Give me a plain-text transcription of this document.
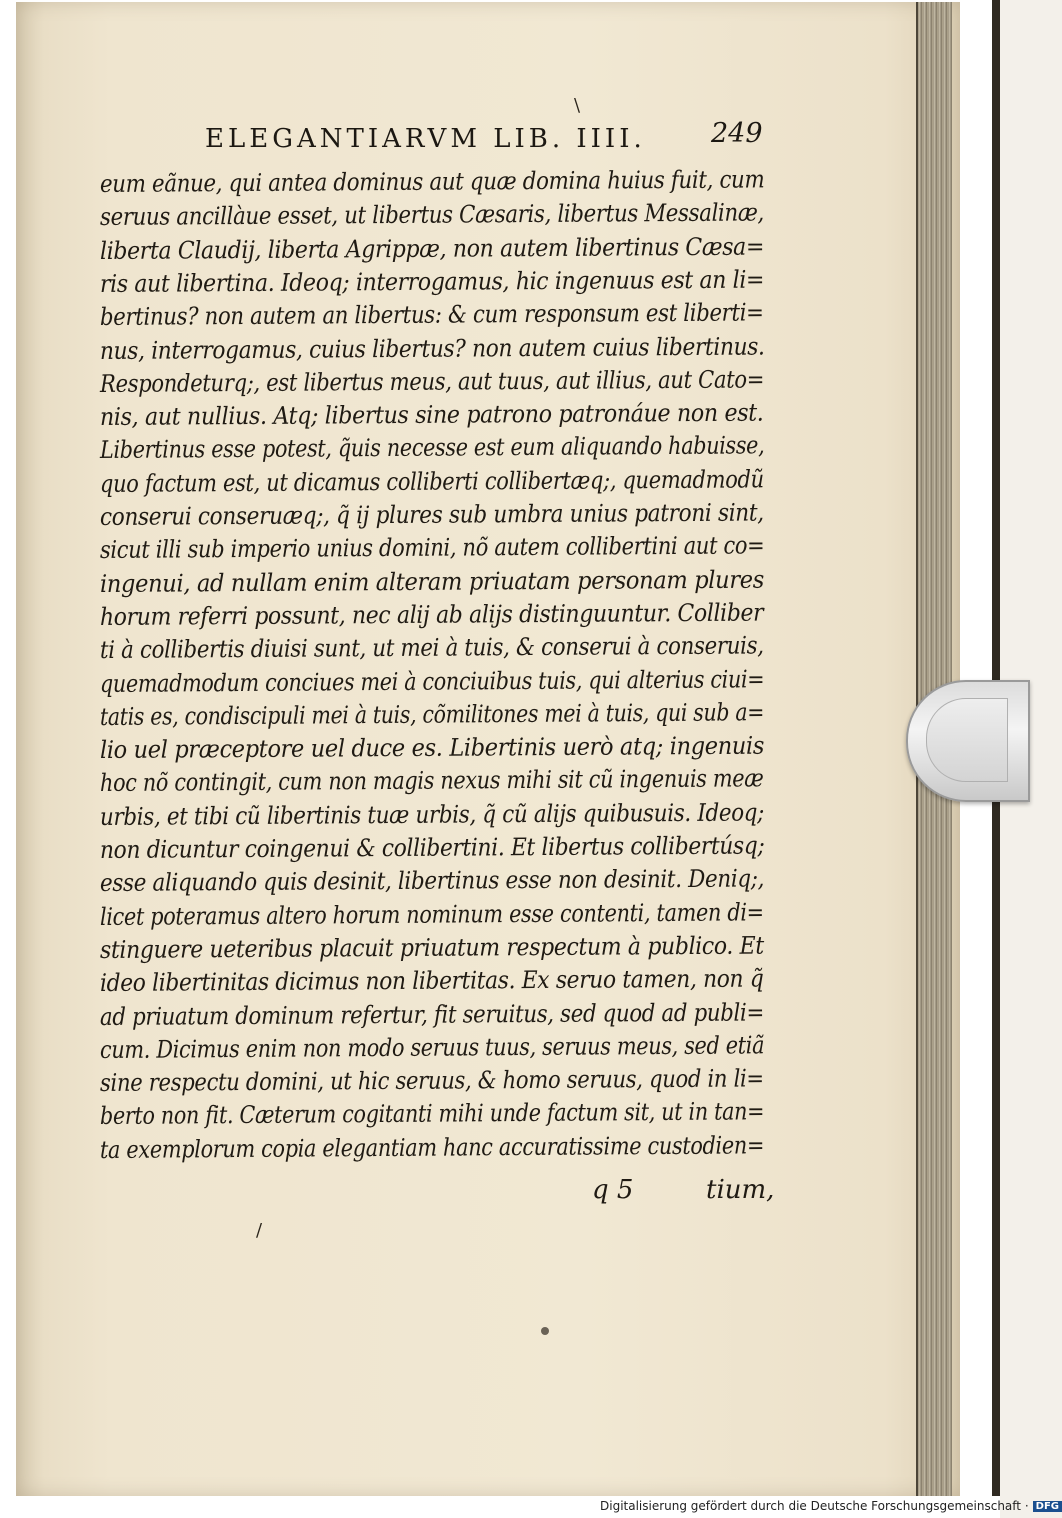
\
/
ELEGANTIARVM LIB. IIII. 249
eum eãnue, qui antea dominus aut quæ domina huius fuit, cum
seruus ancillàue esset, ut libertus Cæsaris, libertus Messalinæ,
liberta Claudij, liberta Agrippæ, non autem libertinus Cæsa=
ris aut libertina. Ideoq; interrogamus, hic ingenuus est an li=
bertinus? non autem an libertus: & cum responsum est liberti=
nus, interrogamus, cuius libertus? non autem cuius libertinus.
Respondeturq;, est libertus meus, aut tuus, aut illius, aut Cato=
nis, aut nullius. Atq; libertus sine patrono patronáue non est.
Libertinus esse potest, q̃uis necesse est eum aliquando habuisse,
quo factum est, ut dicamus colliberti collibertæq;, quemadmodũ
conserui conseruæq;, q̃ ij plures sub umbra unius patroni sint,
sicut illi sub imperio unius domini, nõ autem collibertini aut co=
ingenui, ad nullam enim alteram priuatam personam plures
horum referri possunt, nec alij ab alijs distinguuntur. Colliber
ti à collibertis diuisi sunt, ut mei à tuis, & conserui à conseruis,
quemadmodum conciues mei à conciuibus tuis, qui alterius ciui=
tatis es, condiscipuli mei à tuis, cõmilitones mei à tuis, qui sub a=
lio uel præceptore uel duce es. Libertinis uerò atq; ingenuis
hoc nõ contingit, cum non magis nexus mihi sit cũ ingenuis meæ
urbis, et tibi cũ libertinis tuæ urbis, q̃ cũ alijs quibusuis. Ideoq;
non dicuntur coingenui & collibertini. Et libertus collibertúsq;
esse aliquando quis desinit, libertinus esse non desinit. Deniq;,
licet poteramus altero horum nominum esse contenti, tamen di=
stinguere ueteribus placuit priuatum respectum à publico. Et
ideo libertinitas dicimus non libertitas. Ex seruo tamen, non q̃
ad priuatum dominum refertur, fit seruitus, sed quod ad publi=
cum. Dicimus enim non modo seruus tuus, seruus meus, sed etiã
sine respectu domini, ut hic seruus, & homo seruus, quod in li=
berto non fit. Cæterum cogitanti mihi unde factum sit, ut in tan=
ta exemplorum copia elegantiam hanc accuratissime custodien=
q 5	tium,
Digitalisierung gefördert durch die Deutsche Forschungsgemeinschaft · DFG
